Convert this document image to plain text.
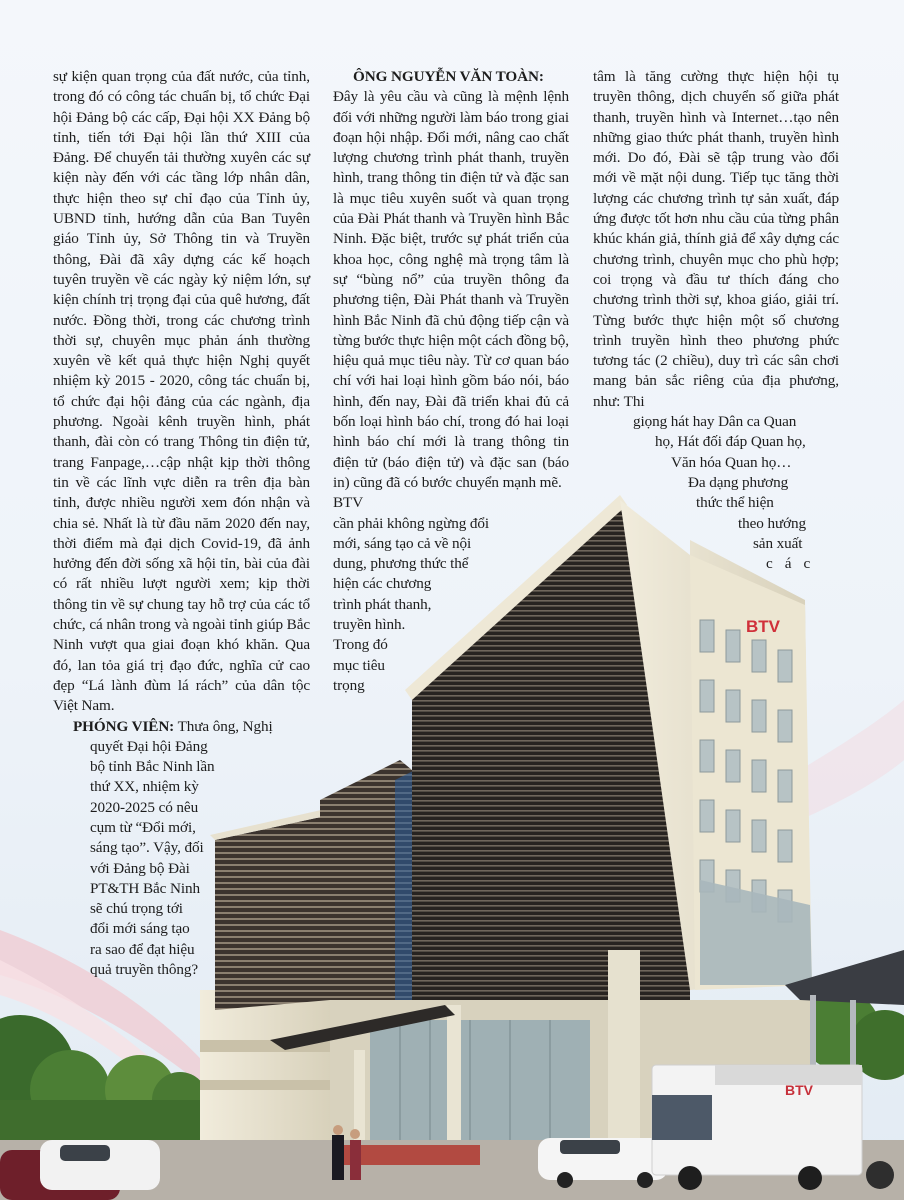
BTV
BTV

sự kiện quan trọng của đất nước, của tỉnh, trong đó có công tác chuẩn bị, tổ chức Đại hội Đảng bộ các cấp, Đại hội XX Đảng bộ tỉnh, tiến tới Đại hội lần thứ XIII của Đảng. Để chuyển tải thường xuyên các sự kiện này đến với các tầng lớp nhân dân, thực hiện theo sự chỉ đạo của Tỉnh ủy, UBND tỉnh, hướng dẫn của Ban Tuyên giáo Tỉnh ủy, Sở Thông tin và Truyền thông, Đài đã xây dựng các kế hoạch tuyên truyền về các ngày kỷ niệm lớn, sự kiện chính trị trọng đại của quê hương, đất nước. Đồng thời, trong các chương trình thời sự, chuyên mục phản ánh thường xuyên về kết quả thực hiện Nghị quyết nhiệm kỳ 2015 - 2020, công tác chuẩn bị, tổ chức đại hội đảng của các ngành, địa phương. Ngoài kênh truyền hình, phát thanh, đài còn có trang Thông tin điện tử, trang Fanpage,…cập nhật kịp thời thông tin về các lĩnh vực diễn ra trên địa bàn tỉnh, được nhiều người xem đón nhận và chia sẻ. Nhất là từ đầu năm 2020 đến nay, thời điểm mà đại dịch Covid-19, đã ảnh hưởng đến đời sống xã hội tỉn, bài của đài có rất nhiều lượt người xem; kịp thời thông tin về sự chung tay hỗ trợ của các tổ chức, cá nhân trong và ngoài tỉnh giúp Bắc Ninh vượt qua giai đoạn khó khăn. Qua đó, lan tỏa giá trị đạo đức, nghĩa cử cao đẹp “Lá lành đùm lá rách” của dân tộc Việt Nam.

PHÓNG VIÊN: Thưa ông, Nghị

quyết Đại hội Đảng
bộ tỉnh Bắc Ninh lần
thứ XX, nhiệm kỳ
2020-2025 có nêu
cụm từ “Đổi mới,
sáng tạo”. Vậy, đối
với Đảng bộ Đài
PT&TH Bắc Ninh
sẽ chú trọng tới
đổi mới sáng tạo
ra sao để đạt hiệu
quả truyền thông?

ÔNG NGUYỄN VĂN TOÀN:

Đây là yêu cầu và cũng là mệnh lệnh đối với những người làm báo trong giai đoạn hội nhập. Đổi mới, nâng cao chất lượng chương trình phát thanh, truyền hình, trang thông tin điện tử và đặc san là mục tiêu xuyên suốt và quan trọng của Đài Phát thanh và Truyền hình Bắc Ninh. Đặc biệt, trước sự phát triển của khoa học, công nghệ mà trọng tâm là sự “bùng nổ” của truyền thông đa phương tiện, Đài Phát thanh và Truyền hình Bắc Ninh đã chủ động tiếp cận và từng bước thực hiện một cách đồng bộ, hiệu quả mục tiêu này. Từ cơ quan báo chí với hai loại hình gồm báo nói, báo hình, đến nay, Đài đã triển khai đủ cả bốn loại hình báo chí, trong đó hai loại hình báo chí mới là trang thông tin điện tử (báo điện tử) và đặc san (báo in) cũng đã có bước chuyển mạnh mẽ.

BTV
cần phải không ngừng đổi
mới, sáng tạo cả về nội
dung, phương thức thể
hiện các chương
trình phát thanh,
truyền hình.
Trong đó
mục tiêu
trọng

tâm là tăng cường thực hiện hội tụ truyền thông, dịch chuyển số giữa phát thanh, truyền hình và Internet…tạo nên những giao thức phát thanh, truyền hình mới. Do đó, Đài sẽ tập trung vào đổi mới về mặt nội dung. Tiếp tục tăng thời lượng các chương trình tự sản xuất, đáp ứng được tốt hơn nhu cầu của từng phân khúc khán giả, thính giả để xây dựng các chương trình, chuyên mục cho phù hợp; coi trọng và đầu tư thích đáng cho chương trình thời sự, khoa giáo, giải trí. Từng bước thực hiện một số chương trình truyền hình theo phương phức tương tác (2 chiều), duy trì các sân chơi mang bản sắc riêng của địa phương, như: Thi

giọng hát hay Dân ca Quan
họ, Hát đối đáp Quan họ,
Văn hóa Quan họ…
Đa dạng phương
thức thể hiện
theo hướng
sản xuất
các
